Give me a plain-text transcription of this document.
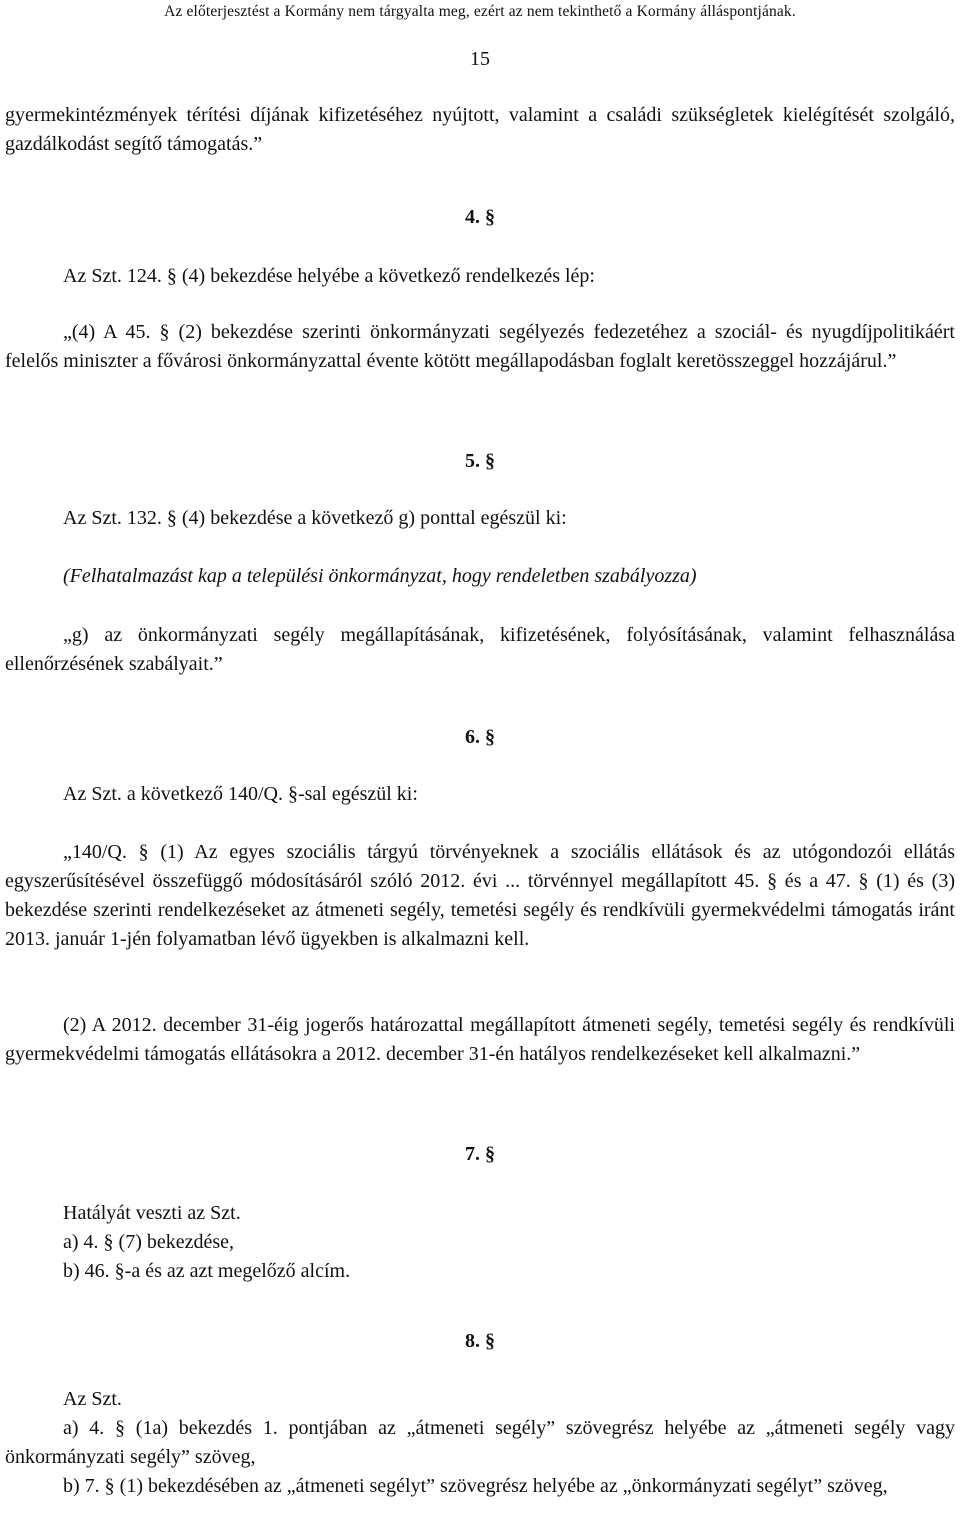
Az előterjesztést a Kormány nem tárgyalta meg, ezért az nem tekinthető a Kormány álláspontjának.
15
gyermekintézmények térítési díjának kifizetéséhez nyújtott, valamint a családi szükségletek kielégítését szolgáló, gazdálkodást segítő támogatás.”
4. §
Az Szt. 124. § (4) bekezdése helyébe a következő rendelkezés lép:
„(4) A 45. § (2) bekezdése szerinti önkormányzati segélyezés fedezetéhez a szociál- és nyugdíjpolitikáért felelős miniszter a fővárosi önkormányzattal évente kötött megállapodásban foglalt keretösszeggel hozzájárul.”
5. §
Az Szt. 132. § (4) bekezdése a következő g) ponttal egészül ki:
(Felhatalmazást kap a települési önkormányzat, hogy rendeletben szabályozza)
„g) az önkormányzati segély megállapításának, kifizetésének, folyósításának, valamint felhasználása ellenőrzésének szabályait.”
6. §
Az Szt. a következő 140/Q. §-sal egészül ki:
„140/Q. § (1) Az egyes szociális tárgyú törvényeknek a szociális ellátások és az utógondozói ellátás egyszerűsítésével összefüggő módosításáról szóló 2012. évi ... törvénnyel megállapított 45. § és a 47. § (1) és (3) bekezdése szerinti rendelkezéseket az átmeneti segély, temetési segély és rendkívüli gyermekvédelmi támogatás iránt 2013. január 1-jén folyamatban lévő ügyekben is alkalmazni kell.
(2) A 2012. december 31-éig jogerős határozattal megállapított átmeneti segély, temetési segély és rendkívüli gyermekvédelmi támogatás ellátásokra a 2012. december 31-én hatályos rendelkezéseket kell alkalmazni.”
7. §
Hatályát veszti az Szt.
a) 4. § (7) bekezdése,
b) 46. §-a és az azt megelőző alcím.
8. §
Az Szt.
a) 4. § (1a) bekezdés 1. pontjában az „átmeneti segély” szövegrész helyébe az „átmeneti segély vagy önkormányzati segély” szöveg,
b) 7. § (1) bekezdésében az „átmeneti segélyt” szövegrész helyébe az „önkormányzati segélyt” szöveg,
